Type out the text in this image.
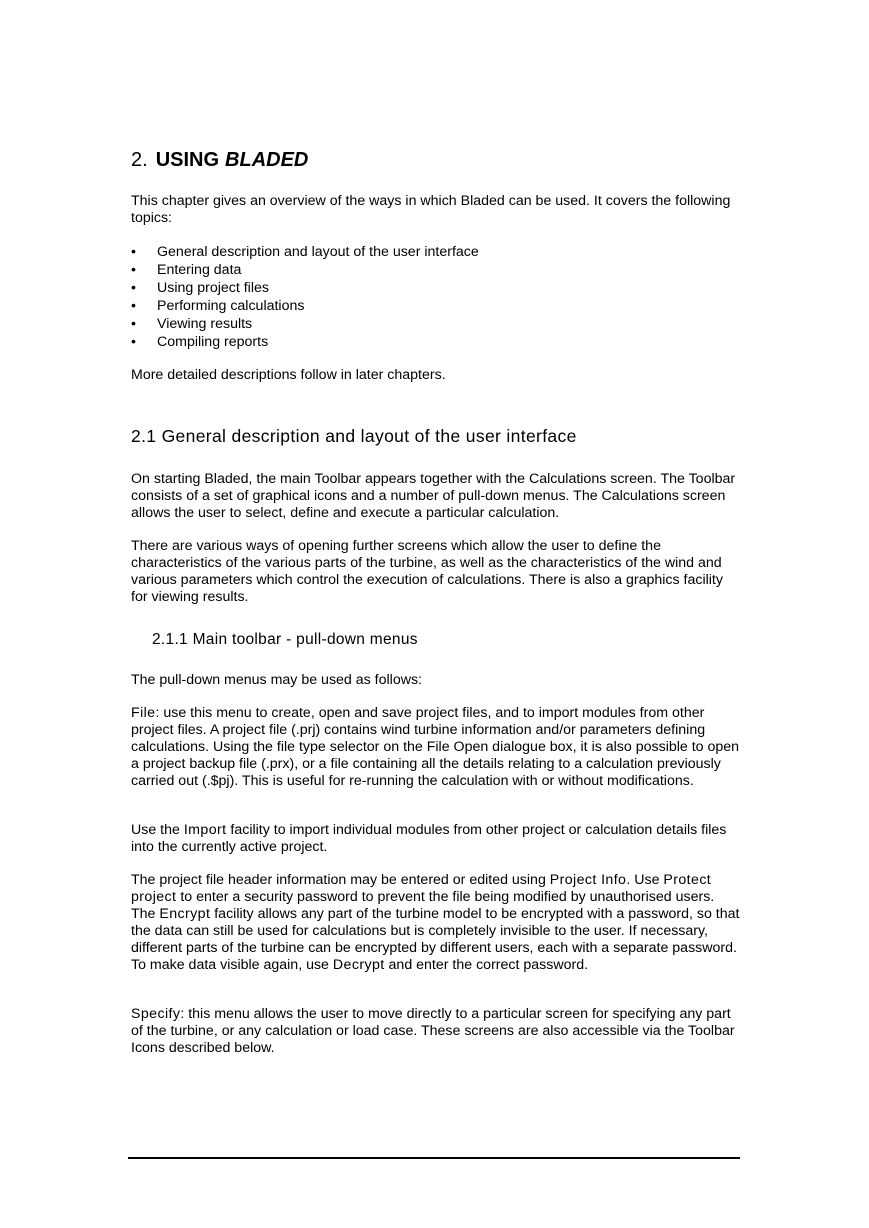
2. USING BLADED

This chapter gives an overview of the ways in which Bladed can be used. It covers the following topics:

• General description and layout of the user interface
• Entering data
• Using project files
• Performing calculations
• Viewing results
• Compiling reports

More detailed descriptions follow in later chapters.

2.1 General description and layout of the user interface

On starting Bladed, the main Toolbar appears together with the Calculations screen. The Toolbar consists of a set of graphical icons and a number of pull-down menus. The Calculations screen allows the user to select, define and execute a particular calculation.

There are various ways of opening further screens which allow the user to define the characteristics of the various parts of the turbine, as well as the characteristics of the wind and various parameters which control the execution of calculations. There is also a graphics facility for viewing results.

2.1.1 Main toolbar - pull-down menus

The pull-down menus may be used as follows:

File: use this menu to create, open and save project files, and to import modules from other project files. A project file (.prj) contains wind turbine information and/or parameters defining calculations. Using the file type selector on the File Open dialogue box, it is also possible to open a project backup file (.prx), or a file containing all the details relating to a calculation previously carried out (.$pj). This is useful for re-running the calculation with or without modifications.

Use the Import facility to import individual modules from other project or calculation details files into the currently active project.

The project file header information may be entered or edited using Project Info. Use Protect project to enter a security password to prevent the file being modified by unauthorised users. The Encrypt facility allows any part of the turbine model to be encrypted with a password, so that the data can still be used for calculations but is completely invisible to the user. If necessary, different parts of the turbine can be encrypted by different users, each with a separate password. To make data visible again, use Decrypt and enter the correct password.

Specify: this menu allows the user to move directly to a particular screen for specifying any part of the turbine, or any calculation or load case. These screens are also accessible via the Toolbar Icons described below.
